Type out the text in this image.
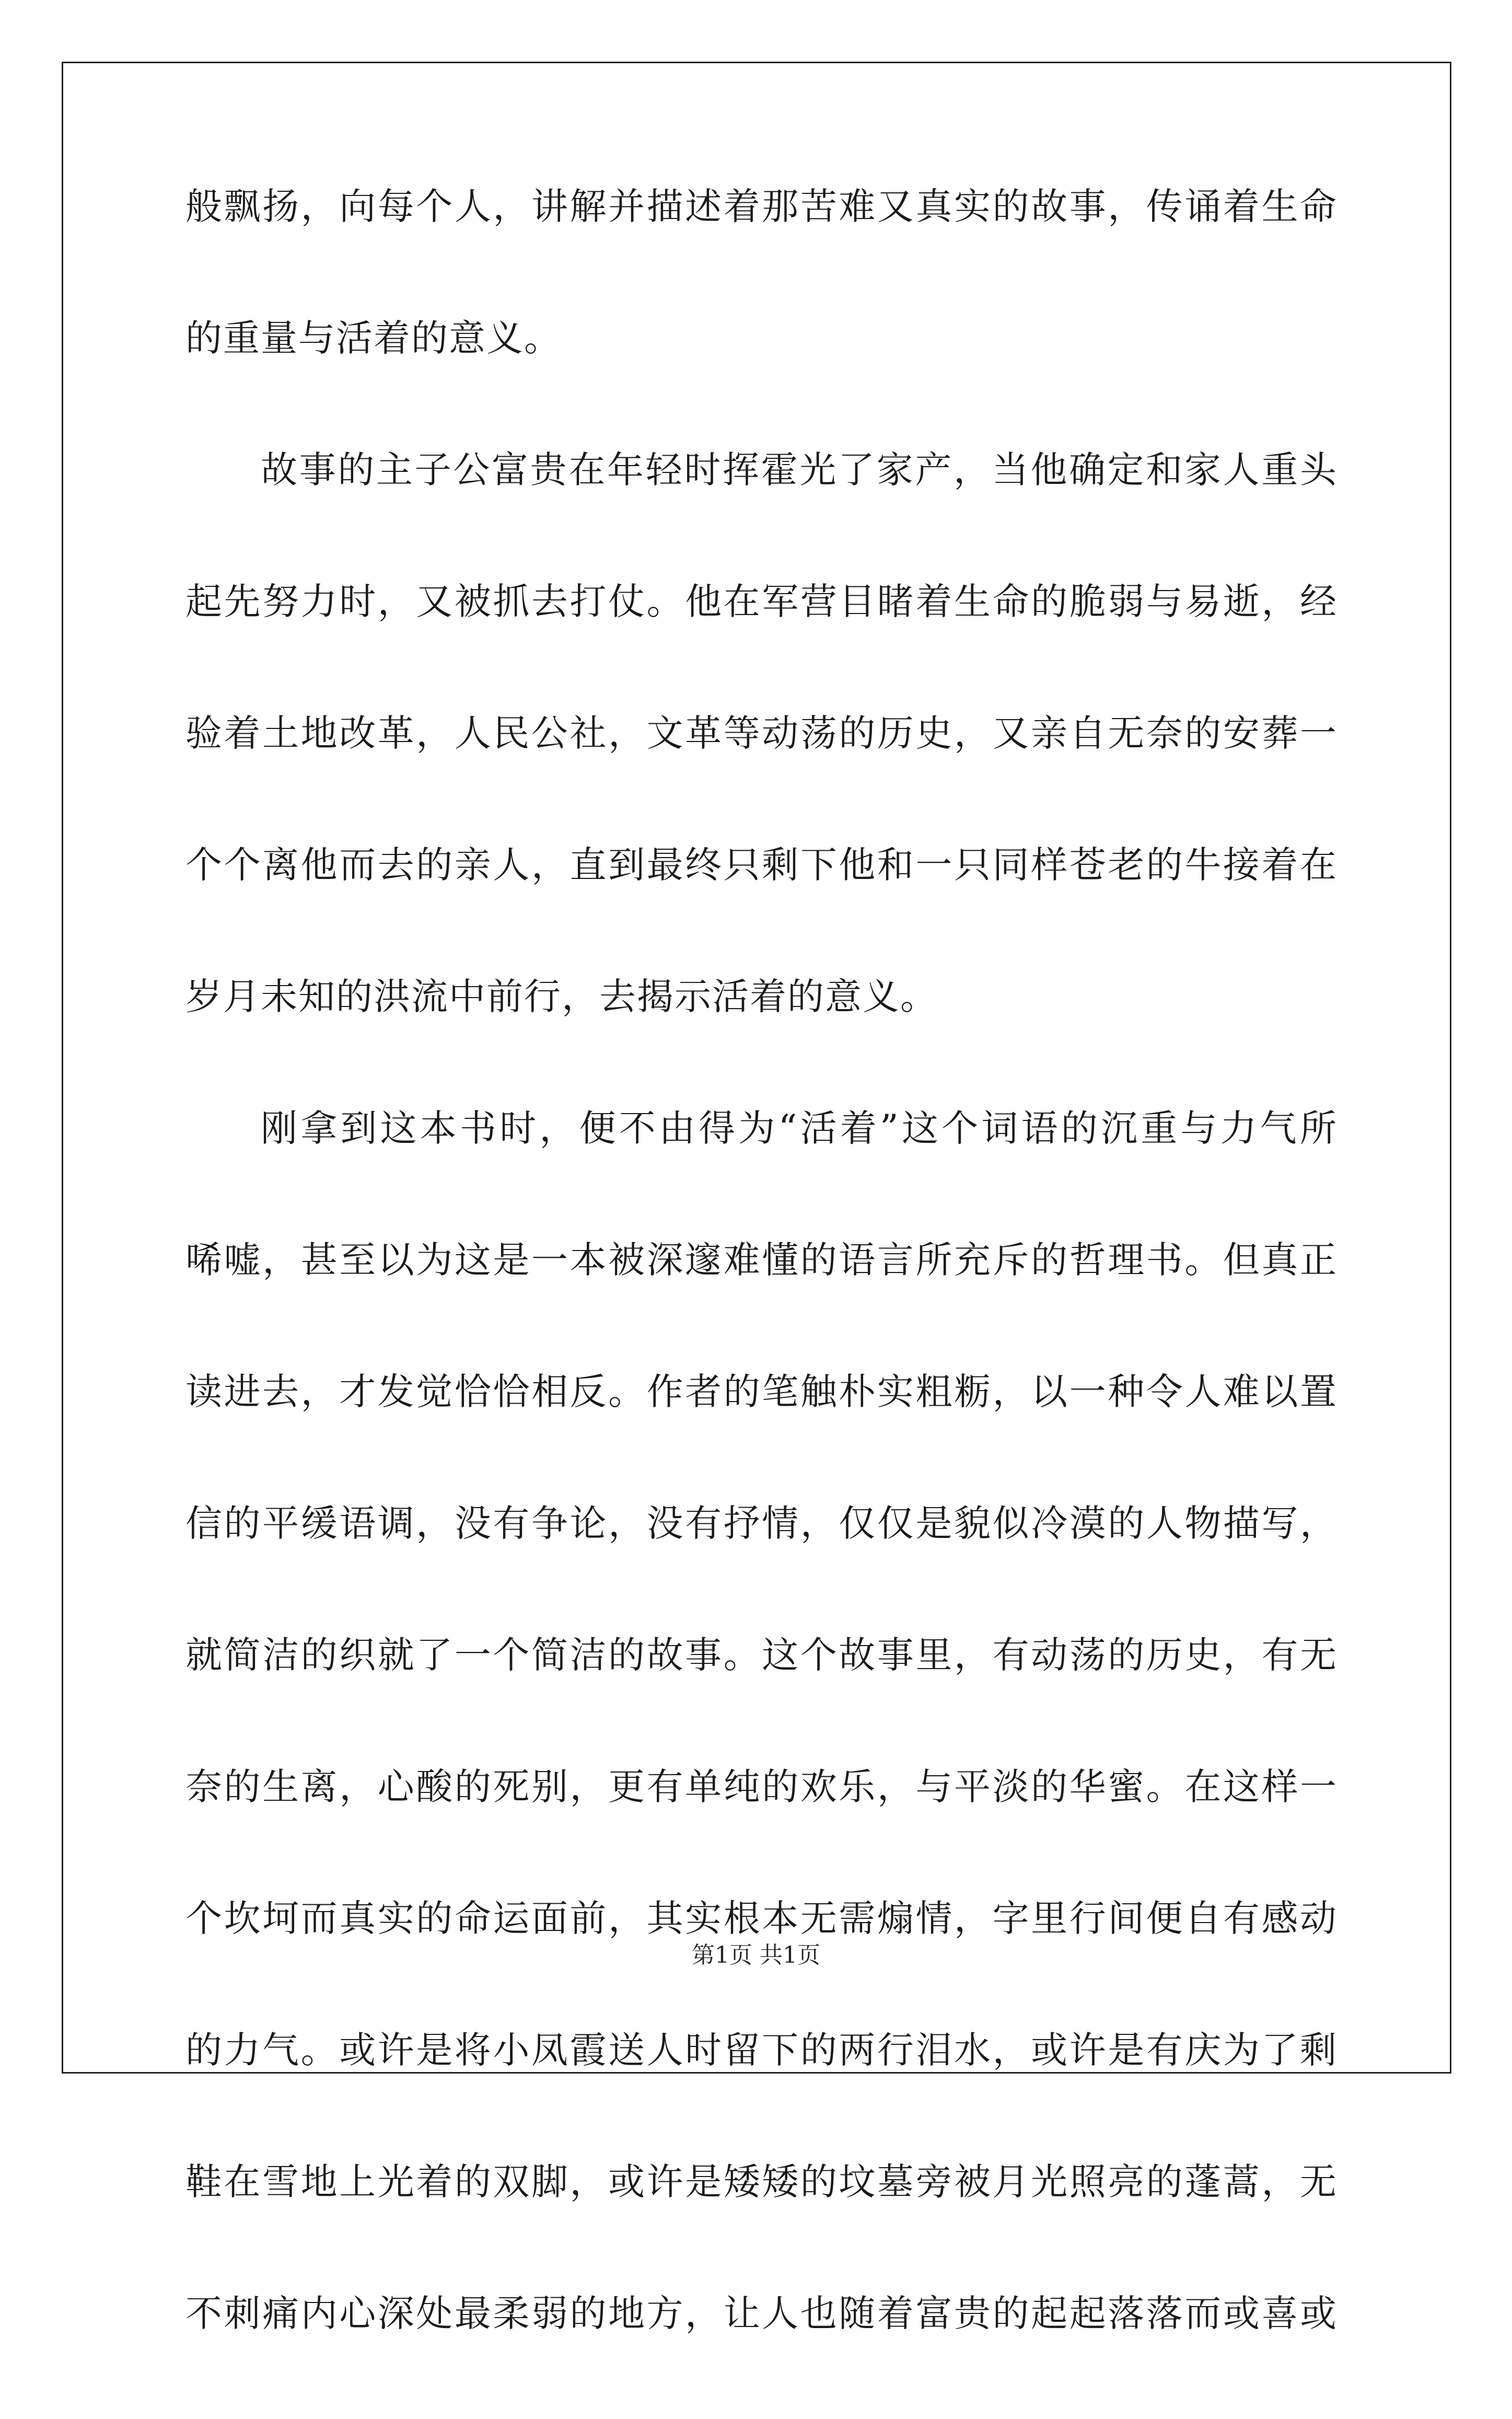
般飘扬，向每个人，讲解并描述着那苦难又真实的故事，传诵着生命
的重量与活着的意义。
故事的主子公富贵在年轻时挥霍光了家产，当他确定和家人重头
起先努力时，又被抓去打仗。他在军营目睹着生命的脆弱与易逝，经
验着土地改革，人民公社，文革等动荡的历史，又亲自无奈的安葬一
个个离他而去的亲人，直到最终只剩下他和一只同样苍老的牛接着在
岁月未知的洪流中前行，去揭示活着的意义。
刚拿到这本书时，便不由得为“活着”这个词语的沉重与力气所
唏嘘，甚至以为这是一本被深邃难懂的语言所充斥的哲理书。但真正
读进去，才发觉恰恰相反。作者的笔触朴实粗粝，以一种令人难以置
信的平缓语调，没有争论，没有抒情，仅仅是貌似冷漠的人物描写，
就简洁的织就了一个简洁的故事。这个故事里，有动荡的历史，有无
奈的生离，心酸的死别，更有单纯的欢乐，与平淡的华蜜。在这样一
个坎坷而真实的命运面前，其实根本无需煽情，字里行间便自有感动
的力气。或许是将小凤霞送人时留下的两行泪水，或许是有庆为了剩
鞋在雪地上光着的双脚，或许是矮矮的坟墓旁被月光照亮的蓬蒿，无
不刺痛内心深处最柔弱的地方，让人也随着富贵的起起落落而或喜或
第1页 共1页
